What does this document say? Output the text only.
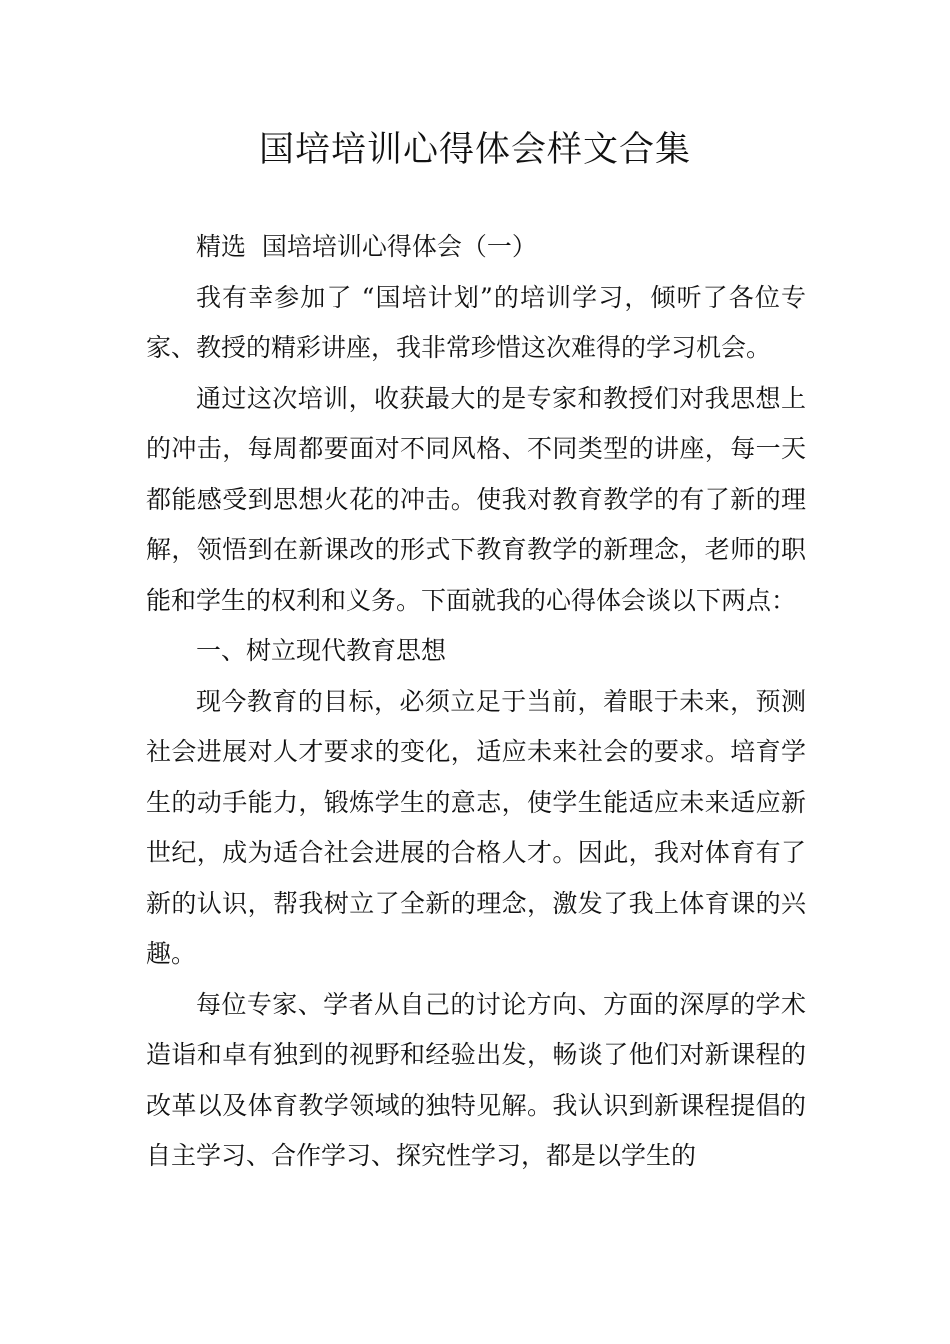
国培培训心得体会样文合集

精选  国培培训心得体会（一）

我有幸参加了 “国培计划”的培训学习，倾听了各位专家、教授的精彩讲座，我非常珍惜这次难得的学习机会。

通过这次培训，收获最大的是专家和教授们对我思想上的冲击，每周都要面对不同风格、不同类型的讲座，每一天都能感受到思想火花的冲击。使我对教育教学的有了新的理解，领悟到在新课改的形式下教育教学的新理念，老师的职能和学生的权利和义务。下面就我的心得体会谈以下两点：

一、树立现代教育思想

现今教育的目标，必须立足于当前，着眼于未来，预测社会进展对人才要求的变化，适应未来社会的要求。培育学生的动手能力，锻炼学生的意志，使学生能适应未来适应新世纪，成为适合社会进展的合格人才。因此，我对体育有了新的认识，帮我树立了全新的理念，激发了我上体育课的兴趣。

每位专家、学者从自己的讨论方向、方面的深厚的学术造诣和卓有独到的视野和经验出发，畅谈了他们对新课程的改革以及体育教学领域的独特见解。我认识到新课程提倡的自主学习、合作学习、探究性学习，都是以学生的
